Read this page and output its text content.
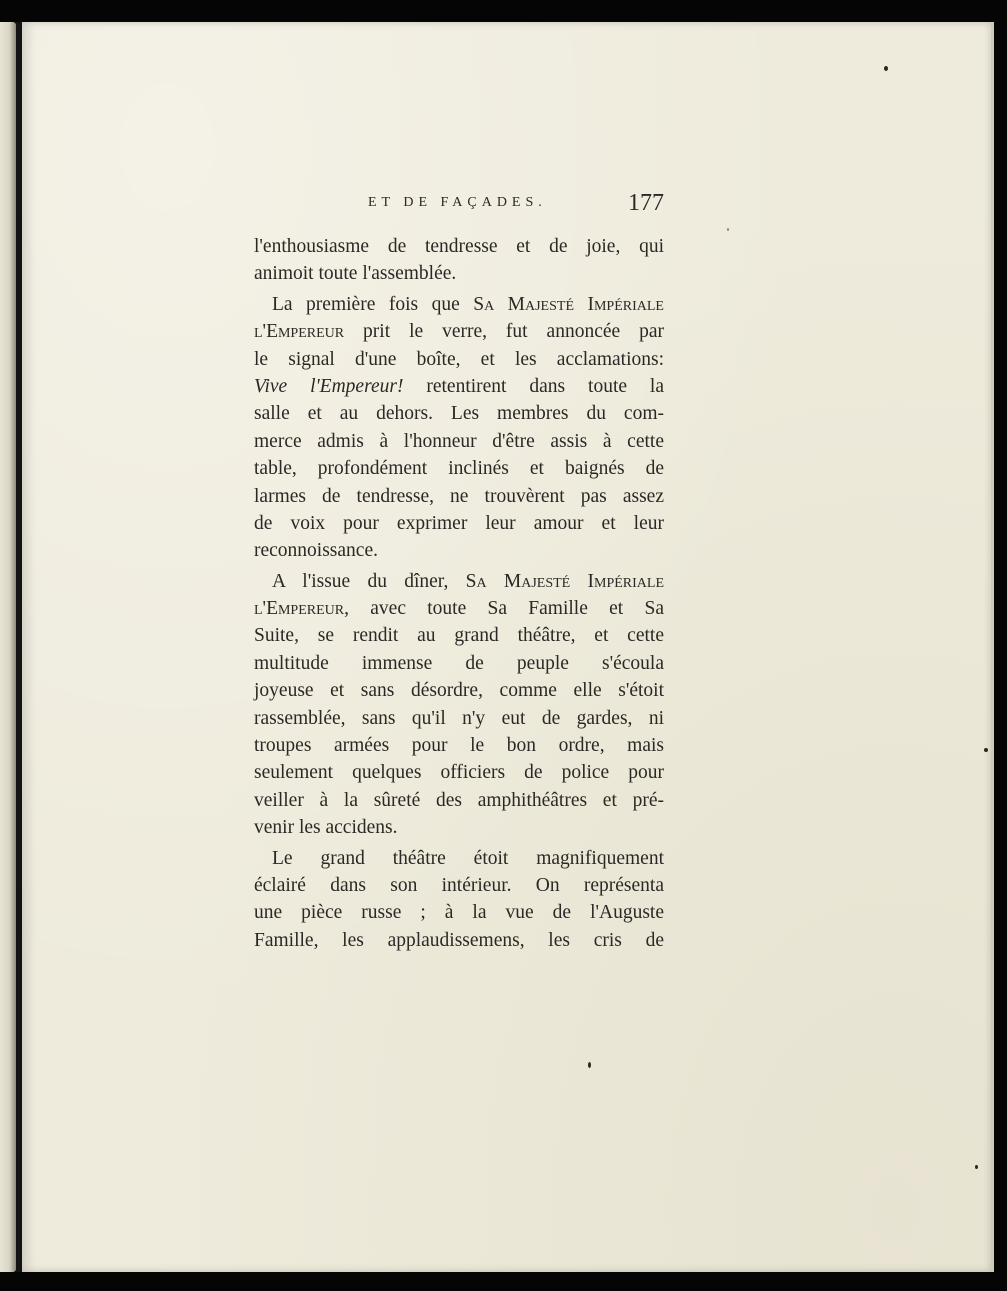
ET DE FAÇADES.	177
l'enthousiasme de tendresse et de joie, qui
animoit toute l'assemblée.
La première fois que Sa Majesté Impériale
l'Empereur prit le verre, fut annoncée par
le signal d'une boîte, et les acclamations:
Vive l'Empereur! retentirent dans toute la
salle et au dehors. Les membres du com-
merce admis à l'honneur d'être assis à cette
table, profondément inclinés et baignés de
larmes de tendresse, ne trouvèrent pas assez
de voix pour exprimer leur amour et leur
reconnoissance.
A l'issue du dîner, Sa Majesté Impériale
l'Empereur, avec toute Sa Famille et Sa
Suite, se rendit au grand théâtre, et cette
multitude immense de peuple s'écoula
joyeuse et sans désordre, comme elle s'étoit
rassemblée, sans qu'il n'y eut de gardes, ni
troupes armées pour le bon ordre, mais
seulement quelques officiers de police pour
veiller à la sûreté des amphithéâtres et pré-
venir les accidens.
Le grand théâtre étoit magnifiquement
éclairé dans son intérieur. On représenta
une pièce russe ; à la vue de l'Auguste
Famille, les applaudissemens, les cris de
